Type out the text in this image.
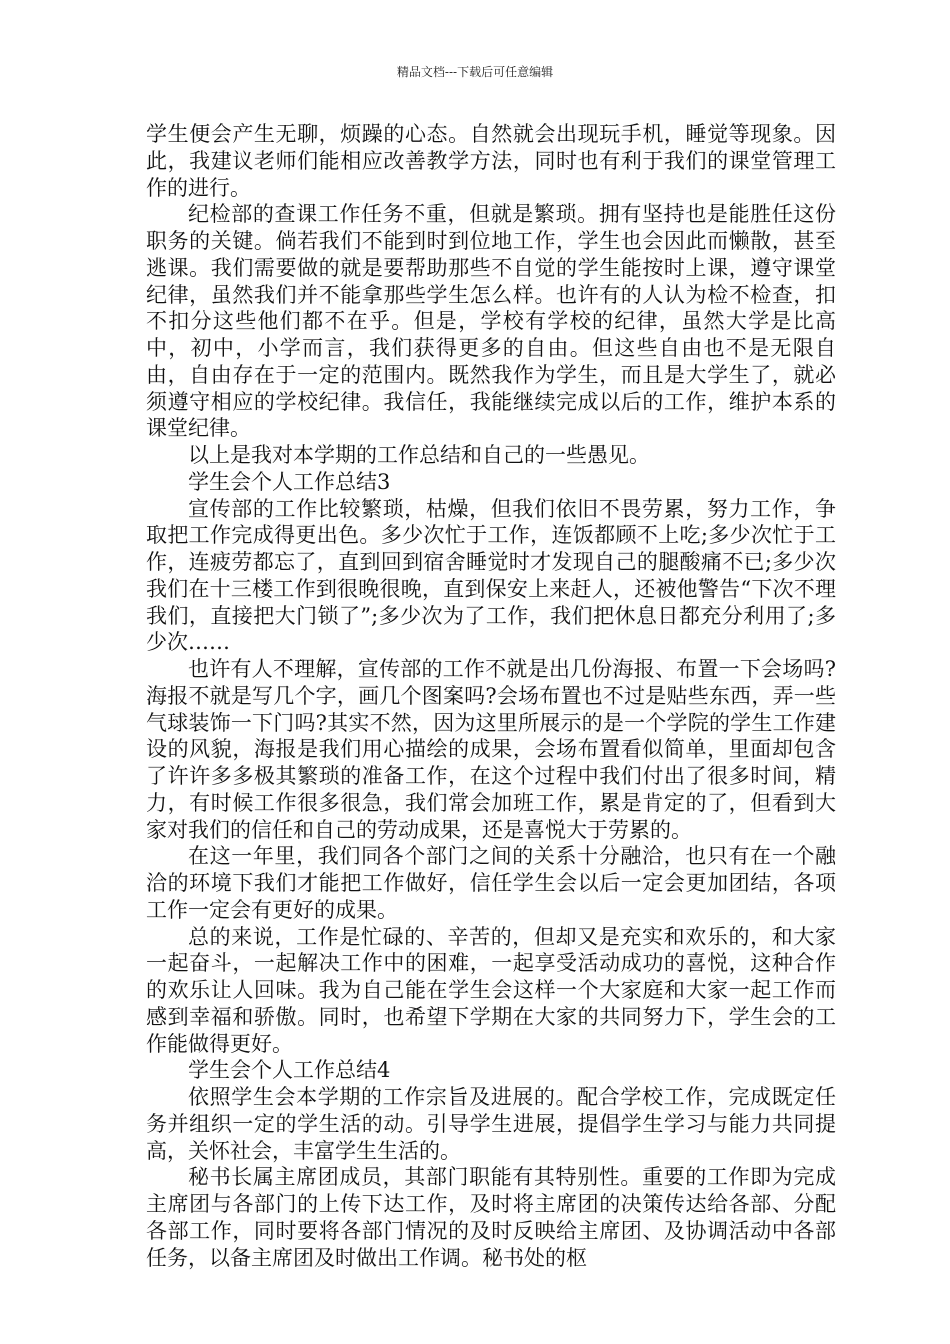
精品文档---下载后可任意编辑

学生便会产生无聊，烦躁的心态。自然就会出现玩手机，睡觉等现象。因此，我建议老师们能相应改善教学方法，同时也有利于我们的课堂管理工作的进行。

纪检部的查课工作任务不重，但就是繁琐。拥有坚持也是能胜任这份职务的关键。倘若我们不能到时到位地工作，学生也会因此而懒散，甚至逃课。我们需要做的就是要帮助那些不自觉的学生能按时上课，遵守课堂纪律，虽然我们并不能拿那些学生怎么样。也许有的人认为检不检查，扣不扣分这些他们都不在乎。但是，学校有学校的纪律，虽然大学是比高中，初中，小学而言，我们获得更多的自由。但这些自由也不是无限自由，自由存在于一定的范围内。既然我作为学生，而且是大学生了，就必须遵守相应的学校纪律。我信任，我能继续完成以后的工作，维护本系的课堂纪律。

以上是我对本学期的工作总结和自己的一些愚见。

学生会个人工作总结3

宣传部的工作比较繁琐，枯燥，但我们依旧不畏劳累，努力工作，争取把工作完成得更出色。多少次忙于工作，连饭都顾不上吃;多少次忙于工作，连疲劳都忘了，直到回到宿舍睡觉时才发现自己的腿酸痛不已;多少次我们在十三楼工作到很晚很晚，直到保安上来赶人，还被他警告“下次不理我们，直接把大门锁了”;多少次为了工作，我们把休息日都充分利用了;多少次……

也许有人不理解，宣传部的工作不就是出几份海报、布置一下会场吗?海报不就是写几个字，画几个图案吗?会场布置也不过是贴些东西，弄一些气球装饰一下门吗?其实不然，因为这里所展示的是一个学院的学生工作建设的风貌，海报是我们用心描绘的成果，会场布置看似简单，里面却包含了许许多多极其繁琐的准备工作，在这个过程中我们付出了很多时间，精力，有时候工作很多很急，我们常会加班工作，累是肯定的了，但看到大家对我们的信任和自己的劳动成果，还是喜悦大于劳累的。

在这一年里，我们同各个部门之间的关系十分融洽，也只有在一个融洽的环境下我们才能把工作做好，信任学生会以后一定会更加团结，各项工作一定会有更好的成果。

总的来说，工作是忙碌的、辛苦的，但却又是充实和欢乐的，和大家一起奋斗，一起解决工作中的困难，一起享受活动成功的喜悦，这种合作的欢乐让人回味。我为自己能在学生会这样一个大家庭和大家一起工作而感到幸福和骄傲。同时，也希望下学期在大家的共同努力下，学生会的工作能做得更好。

学生会个人工作总结4

依照学生会本学期的工作宗旨及进展的。配合学校工作，完成既定任务并组织一定的学生活的动。引导学生进展，提倡学生学习与能力共同提高，关怀社会，丰富学生生活的。

秘书长属主席团成员，其部门职能有其特别性。重要的工作即为完成主席团与各部门的上传下达工作，及时将主席团的决策传达给各部、分配各部工作，同时要将各部门情况的及时反映给主席团、及协调活动中各部任务，以备主席团及时做出工作调。秘书处的枢
